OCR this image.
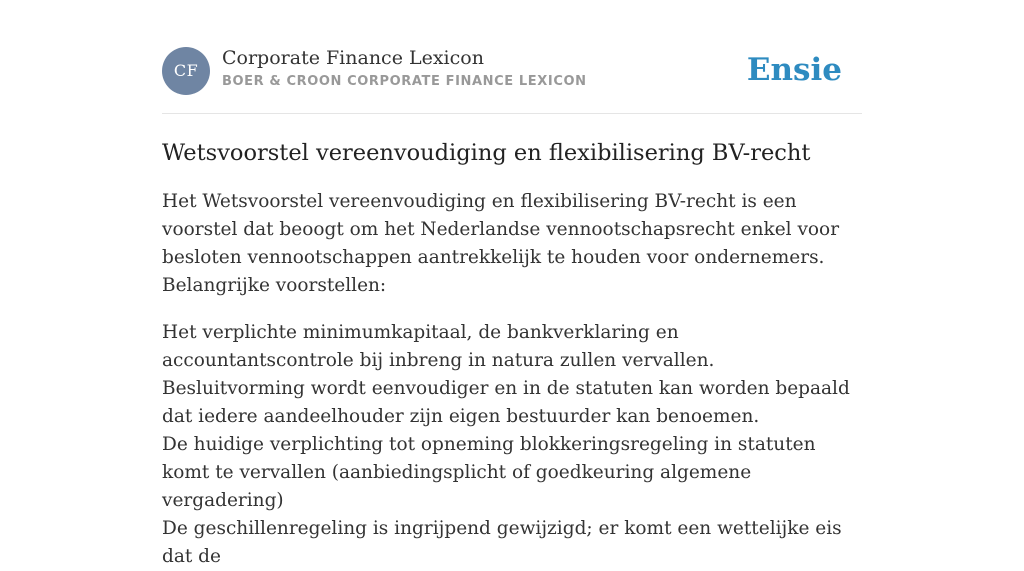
CF
Corporate Finance Lexicon
BOER & CROON CORPORATE FINANCE LEXICON	Ensie
Wetsvoorstel vereenvoudiging en flexibilisering BV-recht

Het Wetsvoorstel vereenvoudiging en flexibilisering BV-recht is een voorstel dat beoogt om het Nederlandse vennootschapsrecht enkel voor besloten vennootschappen aantrekkelijk te houden voor ondernemers. Belangrijke voorstellen:

Het verplichte minimumkapitaal, de bankverklaring en accountantscontrole bij inbreng in natura zullen vervallen.
Besluitvorming wordt eenvoudiger en in de statuten kan worden bepaald dat iedere aandeelhouder zijn eigen bestuurder kan benoemen.
De huidige verplichting tot opneming blokkeringsregeling in statuten komt te vervallen (aanbiedingsplicht of goedkeuring algemene vergadering)
De geschillenregeling is ingrijpend gewijzigd; er komt een wettelijke eis dat de
